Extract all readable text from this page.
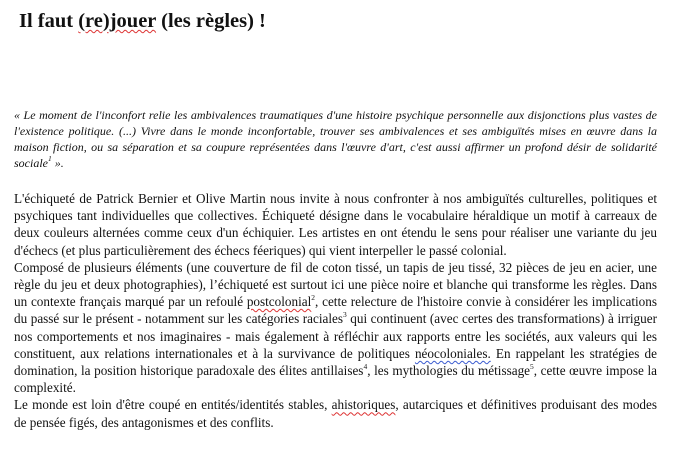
Il faut (re)jouer (les règles) !

« Le moment de l'inconfort relie les ambivalences traumatiques d'une histoire psychique personnelle aux disjonctions plus vastes de l'existence politique. (...) Vivre dans le monde inconfortable, trouver ses ambivalences et ses ambiguïtés mises en œuvre dans la maison fiction, ou sa séparation et sa coupure représentées dans l'œuvre d'art, c'est aussi affirmer un profond désir de solidarité sociale$^1$ ».

L'échiqueté de Patrick Bernier et Olive Martin nous invite à nous confronter à nos ambiguïtés culturelles, politiques et psychiques tant individuelles que collectives. Échiqueté désigne dans le vocabulaire héraldique un motif à carreaux de deux couleurs alternées comme ceux d'un échiquier. Les artistes en ont étendu le sens pour réaliser une variante du jeu d'échecs (et plus particulièrement des échecs féeriques) qui vient interpeller le passé colonial.

Composé de plusieurs éléments (une couverture de fil de coton tissé, un tapis de jeu tissé, 32 pièces de jeu en acier, une règle du jeu et deux photographies), l’échiqueté est surtout ici une pièce noire et blanche qui transforme les règles. Dans un contexte français marqué par un refoulé postcolonial$^2$, cette relecture de l'histoire convie à considérer les implications du passé sur le présent - notamment sur les catégories raciales$^3$ qui continuent (avec certes des transformations) à irriguer nos comportements et nos imaginaires - mais également à réfléchir aux rapports entre les sociétés, aux valeurs qui les constituent, aux relations internationales et à la survivance de politiques néocoloniales. En rappelant les stratégies de domination, la position historique paradoxale des élites antillaises$^4$, les mythologies du métissage$^5$, cette œuvre impose la complexité.

Le monde est loin d'être coupé en entités/identités stables, ahistoriques, autarciques et définitives produisant des modes de pensée figés, des antagonismes et des conflits.
